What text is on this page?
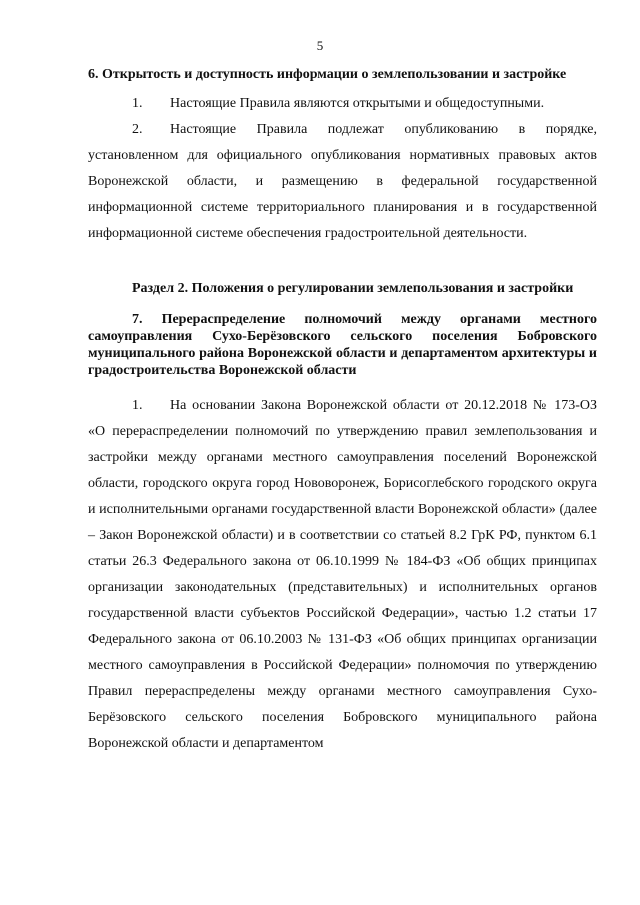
5
6. Открытость и доступность информации о землепользовании и застройке

1. Настоящие Правила являются открытыми и общедоступными.

2. Настоящие Правила подлежат опубликованию в порядке, установленном для официального опубликования нормативных правовых актов Воронежской области, и размещению в федеральной государственной информационной системе территориального планирования и в государственной информационной системе обеспечения градостроительной деятельности.

Раздел 2. Положения о регулировании землепользования и застройки
7. Перераспределение полномочий между органами местного самоуправления Сухо-Берёзовского сельского поселения Бобровского муниципального района Воронежской области и департаментом архитектуры и градостроительства Воронежской области

1. На основании Закона Воронежской области от 20.12.2018 № 173-ОЗ «О перераспределении полномочий по утверждению правил землепользования и застройки между органами местного самоуправления поселений Воронежской области, городского округа город Нововоронеж, Борисоглебского городского округа и исполнительными органами государственной власти Воронежской области» (далее – Закон Воронежской области) и в соответствии со статьей 8.2 ГрК РФ, пунктом 6.1 статьи 26.3 Федерального закона от 06.10.1999 № 184-ФЗ «Об общих принципах организации законодательных (представительных) и исполнительных органов государственной власти субъектов Российской Федерации», частью 1.2 статьи 17 Федерального закона от 06.10.2003 № 131-ФЗ «Об общих принципах организации местного самоуправления в Российской Федерации» полномочия по утверждению Правил перераспределены между органами местного самоуправления Сухо-Берёзовского сельского поселения Бобровского муниципального района Воронежской области и департаментом
